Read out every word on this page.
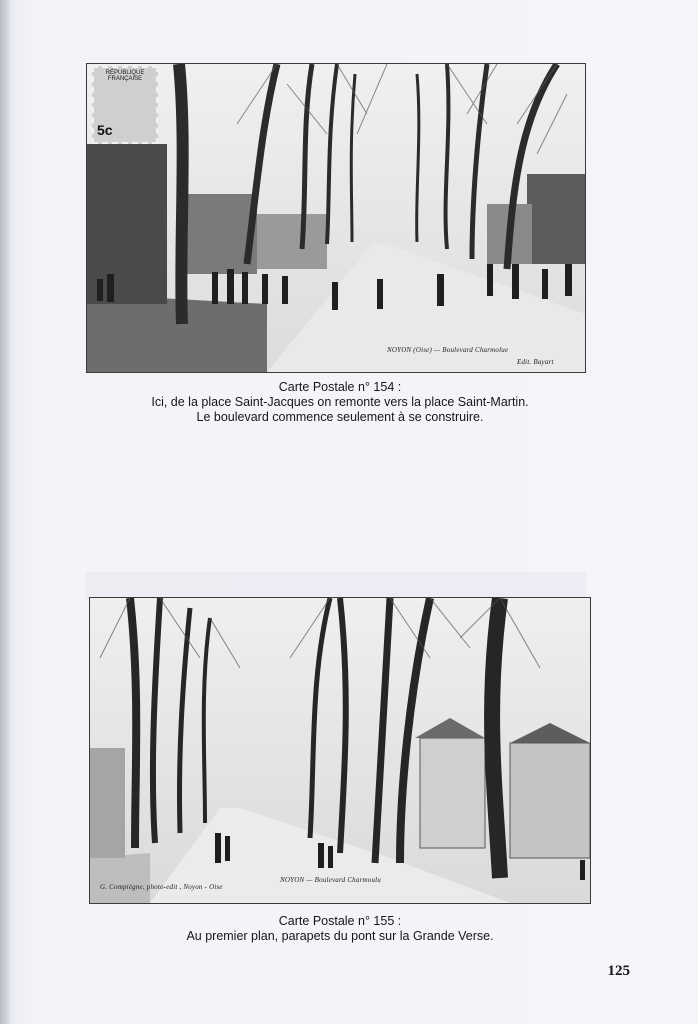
RÉPUBLIQUE FRANÇAISE
5c
NOYON (Oise) — Boulevard Charmolue
Edit. Bayart
Carte Postale n° 154 :
Ici, de la place Saint-Jacques on remonte vers la place Saint-Martin.
Le boulevard commence seulement à se construire.
G. Compiègne, photo-edit , Noyon - Oise
NOYON — Boulevard Charmoulu
Carte Postale n° 155 :
Au premier plan, parapets du pont sur la Grande Verse.
125
